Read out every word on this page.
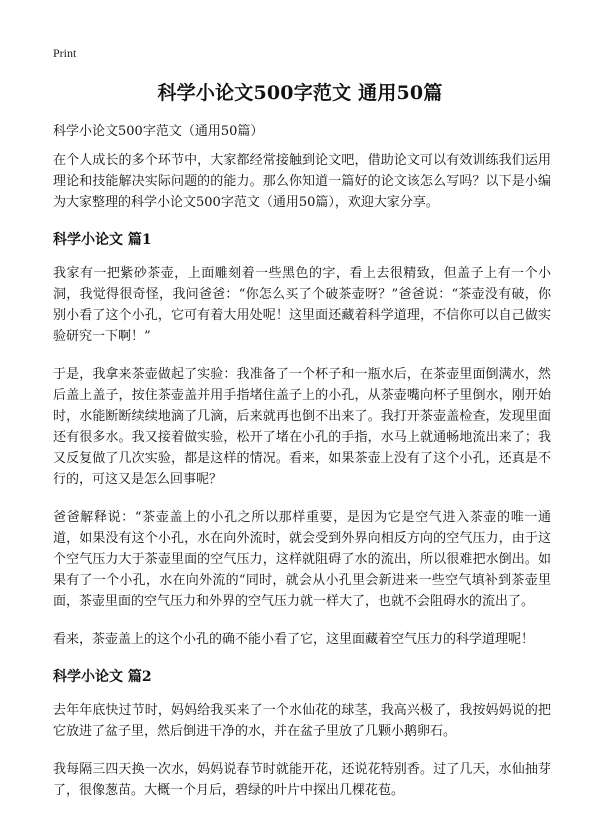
Print
科学小论文500字范文 通用50篇
科学小论文500字范文（通用50篇）

在个人成长的多个环节中，大家都经常接触到论文吧，借助论文可以有效训练我们运用理论和技能解决实际问题的的能力。那么你知道一篇好的论文该怎么写吗？以下是小编为大家整理的科学小论文500字范文（通用50篇），欢迎大家分享。

科学小论文 篇1

我家有一把紫砂茶壶，上面雕刻着一些黑色的字，看上去很精致，但盖子上有一个小洞，我觉得很奇怪，我问爸爸：“你怎么买了个破茶壶呀？”爸爸说：“茶壶没有破，你别小看了这个小孔，它可有着大用处呢！这里面还藏着科学道理，不信你可以自己做实验研究一下啊！”

于是，我拿来茶壶做起了实验：我准备了一个杯子和一瓶水后，在茶壶里面倒满水，然后盖上盖子，按住茶壶盖并用手指堵住盖子上的小孔，从茶壶嘴向杯子里倒水，刚开始时，水能断断续续地滴了几滴，后来就再也倒不出来了。我打开茶壶盖检查，发现里面还有很多水。我又接着做实验，松开了堵在小孔的手指，水马上就通畅地流出来了；我又反复做了几次实验，都是这样的情况。看来，如果茶壶上没有了这个小孔，还真是不行的，可这又是怎么回事呢？

爸爸解释说：“茶壶盖上的小孔之所以那样重要，是因为它是空气进入茶壶的唯一通道，如果没有这个小孔，水在向外流时，就会受到外界向相反方向的空气压力，由于这个空气压力大于茶壶里面的空气压力，这样就阻碍了水的流出，所以很难把水倒出。如果有了一个小孔，水在向外流的“同时，就会从小孔里会新进来一些空气填补到茶壶里面，茶壶里面的空气压力和外界的空气压力就一样大了，也就不会阻碍水的流出了。

看来，茶壶盖上的这个小孔的确不能小看了它，这里面藏着空气压力的科学道理呢！

科学小论文 篇2

去年年底快过节时，妈妈给我买来了一个水仙花的球茎，我高兴极了，我按妈妈说的把它放进了盆子里，然后倒进干净的水，并在盆子里放了几颗小鹅卵石。

我每隔三四天换一次水，妈妈说春节时就能开花，还说花特别香。过了几天，水仙抽芽了，很像葱苗。大概一个月后，碧绿的叶片中探出几棵花苞。
